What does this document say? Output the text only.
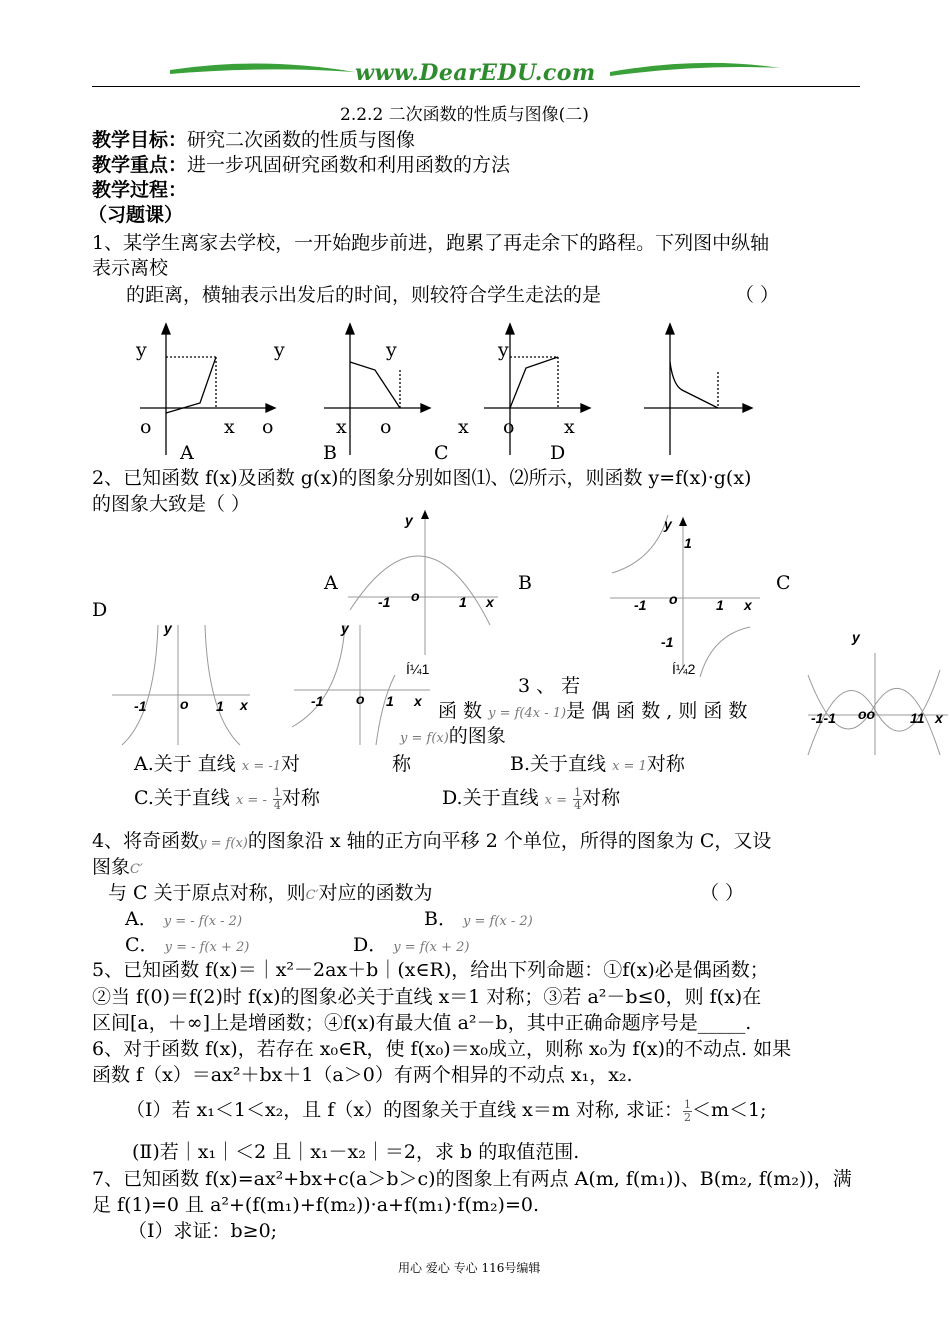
www.DearEDU.com
2.2.2 二次函数的性质与图像(二)
教学目标：研究二次函数的性质与图像
教学重点：进一步巩固研究函数和利用函数的方法
教学过程：
（习题课）
1、某学生离家去学校，一开始跑步前进，跑累了再走余下的路程。下列图中纵轴
表示离校
的距离，横轴表示出发后的时间，则较符合学生走法的是	（ ）
y	y	y	y
o	x o	x o	x o	x
A	B	C	D
2、已知函数 f(x)及函数 g(x)的图象分别如图⑴、⑵所示，则函数 y=f(x)·g(x)
的图象大致是（ ）
A	B	C
D
y
-1 o	1 x
Í¼1
y
1
-1 o	1 x
-1
Í¼2
y
-1 o 1 x
y
-1 o 1 x
y
-1-1 oo 11 x
3 、 若
函 数 y = f(4x - 1)是 偶 函 数 , 则 函 数
y = f(x)的图象
A.关于 直线 x = -1对	称	B.关于直线 x = 1对称
C.关于直线 x = - $\frac{1}{4}$ 对称	D.关于直线 $x = \frac{1}{4}$ 对称
4、将奇函数y = f(x)的图象沿 x 轴的正方向平移 2 个单位，所得的图象为 C，又设
图象C′
与 C 关于原点对称，则C′对应的函数为	（ ）
A． y = - f(x - 2)	B． y = f(x - 2)
C． y = - f(x + 2)	D． y = f(x + 2)
5、已知函数 f(x)＝｜x²－2ax＋b｜(x∈R)，给出下列命题：①f(x)必是偶函数；
②当 f(0)＝f(2)时 f(x)的图象必关于直线 x＝1 对称；③若 a²－b≤0，则 f(x)在
区间[a，＋∞]上是增函数；④f(x)有最大值 a²－b，其中正确命题序号是_____.
6、对于函数 f(x)，若存在 x₀∈R，使 f(x₀)＝x₀成立，则称 x₀为 f(x)的不动点. 如果
函数 f（x）＝ax²＋bx＋1（a＞0）有两个相异的不动点 x₁，x₂.
（Ⅰ）若 x₁＜1＜x₂，且 f（x）的图象关于直线 x＝m 对称, 求证： $\frac{1}{2} <m<1$;
(Ⅱ)若｜x₁｜＜2 且｜x₁－x₂｜＝2，求 b 的取值范围.
7、已知函数 f(x)=ax²+bx+c(a＞b＞c)的图象上有两点 A(m, f(m₁))、B(m₂, f(m₂))，满
足 f(1)=0 且 a²+(f(m₁)+f(m₂))·a+f(m₁)·f(m₂)=0.
（Ⅰ）求证：b≥0;
用心 爱心 专心 116号编辑
